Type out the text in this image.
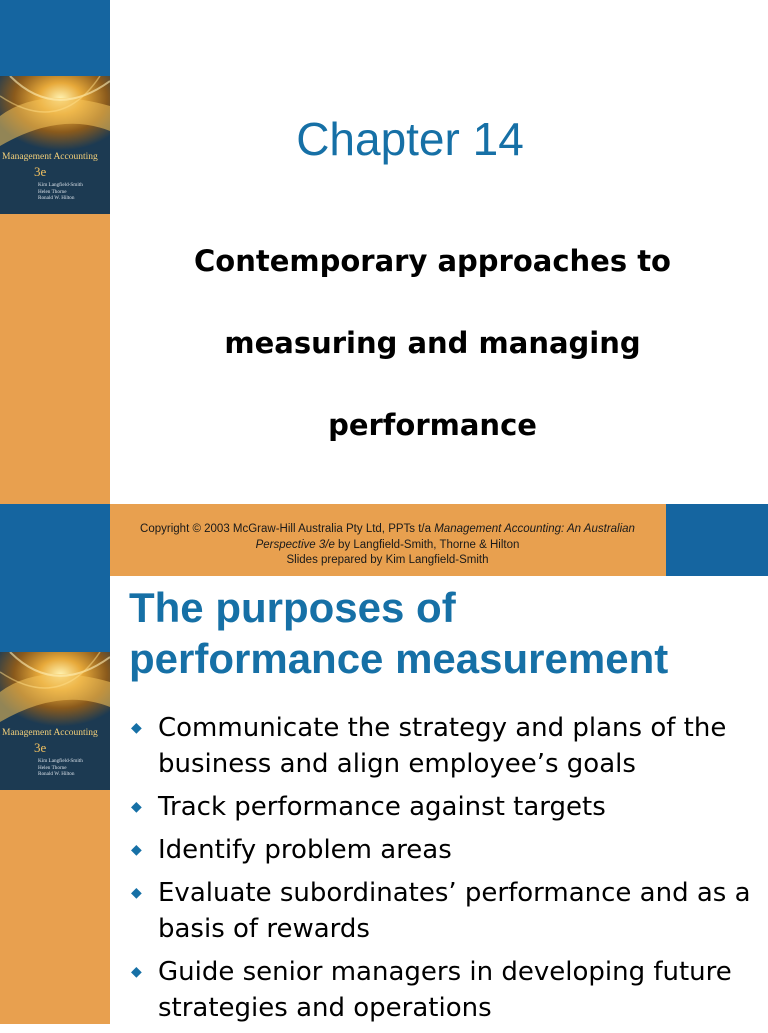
Management Accounting
3e
Kim Langfield-Smith
Helen Thorne
Ronald W. Hilton
Chapter 14
Contemporary approaches to
measuring and managing
performance
Copyright © 2003 McGraw-Hill Australia Pty Ltd, PPTs t/a Management Accounting: An Australian Perspective 3/e by Langfield-Smith, Thorne & Hilton
Slides prepared by Kim Langfield-Smith
Management Accounting
3e
Kim Langfield-Smith
Helen Thorne
Ronald W. Hilton
The purposes of
performance measurement
◆ Communicate the strategy and plans of the business and align employee’s goals
◆ Track performance against targets
◆ Identify problem areas
◆ Evaluate subordinates’ performance and as a basis of rewards
◆ Guide senior managers in developing future strategies and operations
